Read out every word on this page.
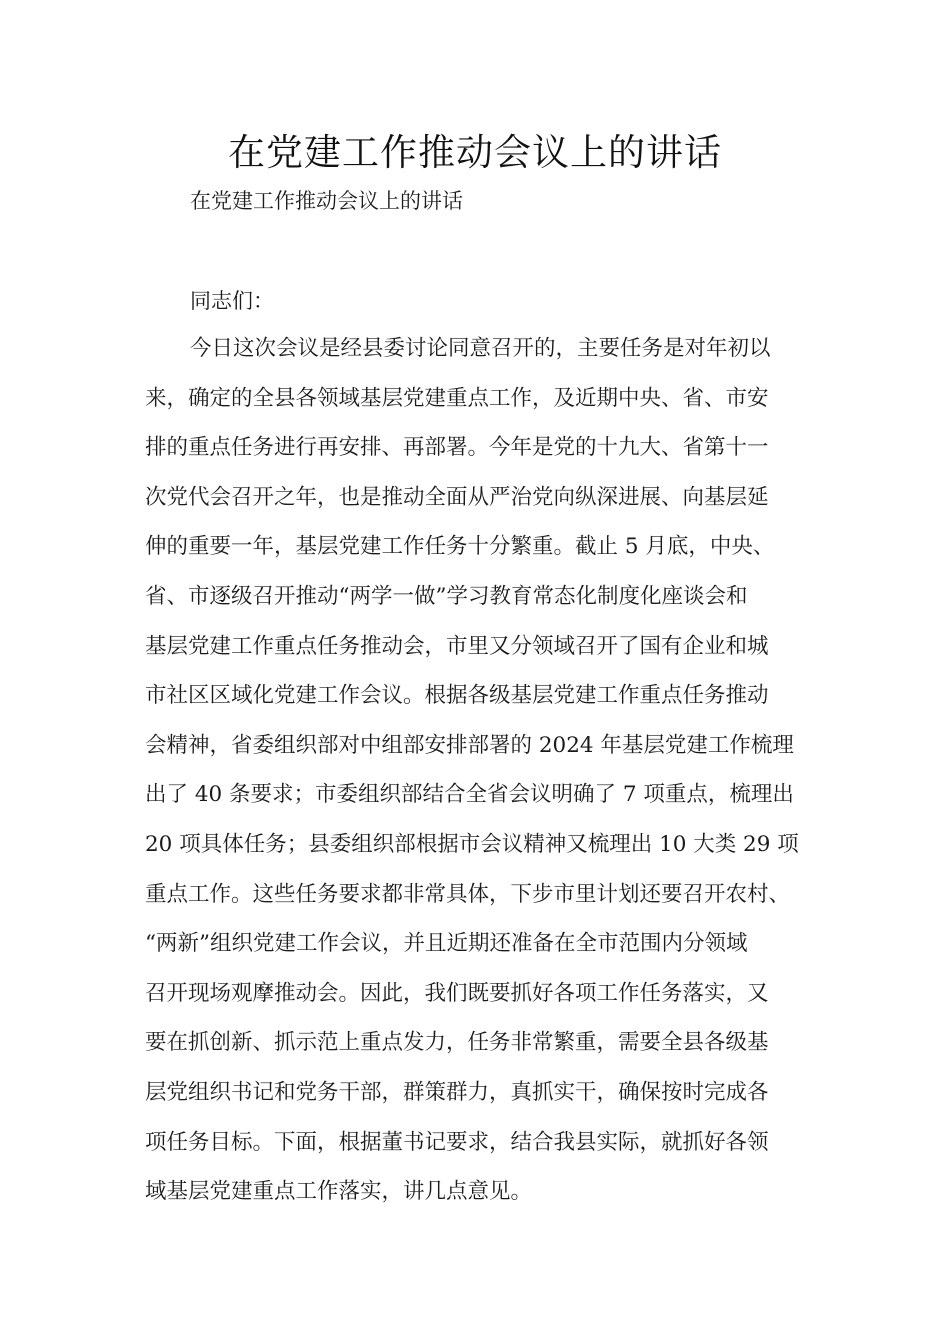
在党建工作推动会议上的讲话
在党建工作推动会议上的讲话
同志们：
今日这次会议是经县委讨论同意召开的，主要任务是对年初以
来，确定的全县各领域基层党建重点工作，及近期中央、省、市安
排的重点任务进行再安排、再部署。今年是党的十九大、省第十一
次党代会召开之年，也是推动全面从严治党向纵深进展、向基层延
伸的重要一年，基层党建工作任务十分繁重。截止 5 月底，中央、
省、市逐级召开推动“两学一做”学习教育常态化制度化座谈会和
基层党建工作重点任务推动会，市里又分领域召开了国有企业和城
市社区区域化党建工作会议。根据各级基层党建工作重点任务推动
会精神，省委组织部对中组部安排部署的 2024 年基层党建工作梳理
出了 40 条要求；市委组织部结合全省会议明确了 7 项重点，梳理出
20 项具体任务；县委组织部根据市会议精神又梳理出 10 大类 29 项
重点工作。这些任务要求都非常具体，下步市里计划还要召开农村、
“两新”组织党建工作会议，并且近期还准备在全市范围内分领域
召开现场观摩推动会。因此，我们既要抓好各项工作任务落实，又
要在抓创新、抓示范上重点发力，任务非常繁重，需要全县各级基
层党组织书记和党务干部，群策群力，真抓实干，确保按时完成各
项任务目标。下面，根据董书记要求，结合我县实际，就抓好各领
域基层党建重点工作落实，讲几点意见。
